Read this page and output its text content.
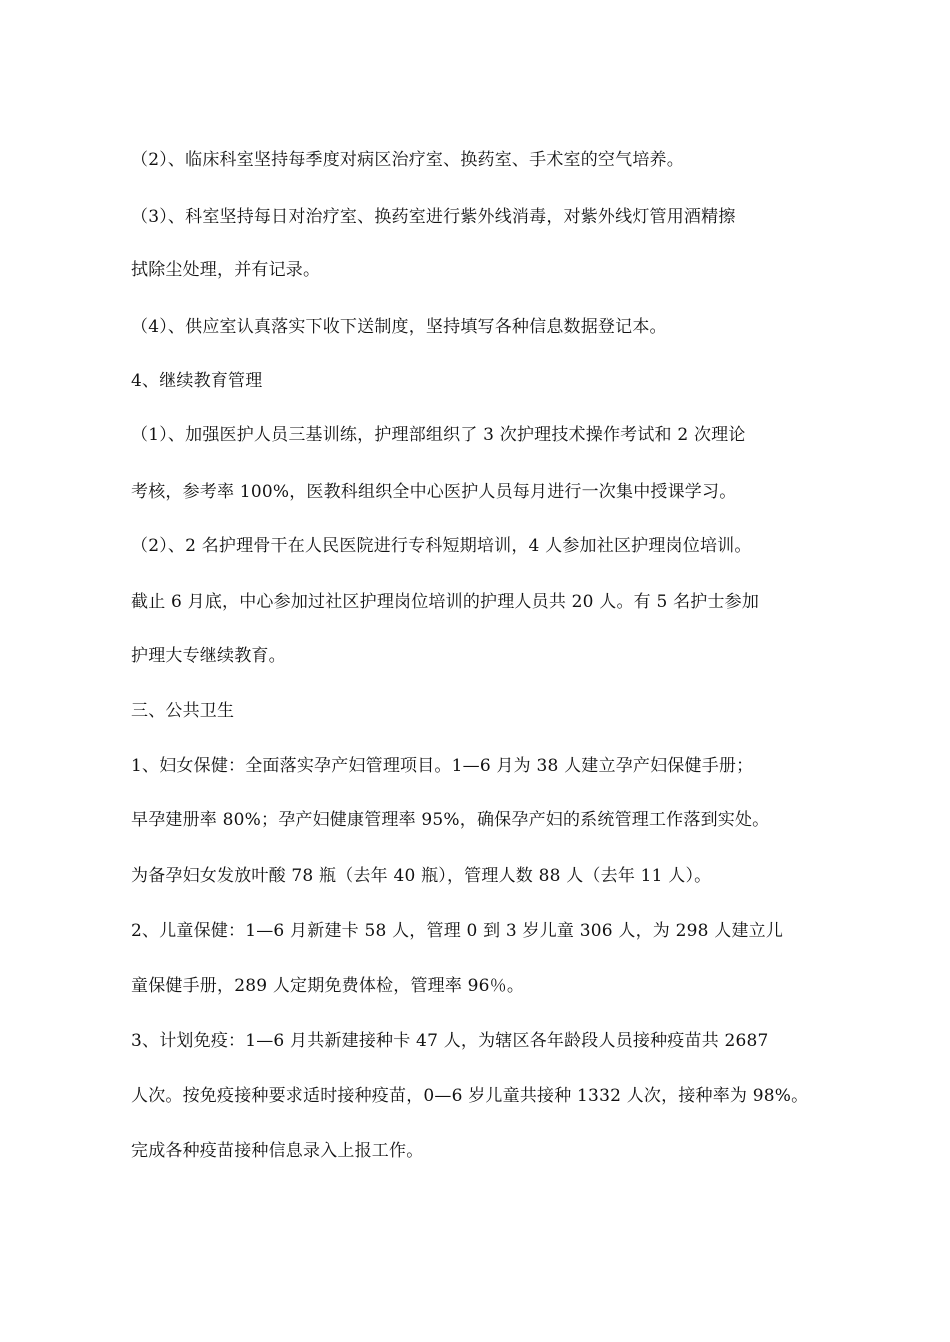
（2）、临床科室坚持每季度对病区治疗室、换药室、手术室的空气培养。
（3）、科室坚持每日对治疗室、换药室进行紫外线消毒，对紫外线灯管用酒精擦
拭除尘处理，并有记录。
（4）、供应室认真落实下收下送制度，坚持填写各种信息数据登记本。
4、继续教育管理
（1）、加强医护人员三基训练，护理部组织了 3 次护理技术操作考试和 2 次理论
考核，参考率 100%，医教科组织全中心医护人员每月进行一次集中授课学习。
（2）、2 名护理骨干在人民医院进行专科短期培训，4 人参加社区护理岗位培训。
截止 6 月底，中心参加过社区护理岗位培训的护理人员共 20 人。有 5 名护士参加
护理大专继续教育。
三、公共卫生
1、妇女保健：全面落实孕产妇管理项目。1—6 月为 38 人建立孕产妇保健手册；
早孕建册率 80%；孕产妇健康管理率 95%，确保孕产妇的系统管理工作落到实处。
为备孕妇女发放叶酸 78 瓶（去年 40 瓶），管理人数 88 人（去年 11 人）。
2、儿童保健：1—6 月新建卡 58 人，管理 0 到 3 岁儿童 306 人，为 298 人建立儿
童保健手册，289 人定期免费体检，管理率 96％。
3、计划免疫：1—6 月共新建接种卡 47 人，为辖区各年龄段人员接种疫苗共 2687
人次。按免疫接种要求适时接种疫苗，0—6 岁儿童共接种 1332 人次，接种率为 98%。
完成各种疫苗接种信息录入上报工作。
